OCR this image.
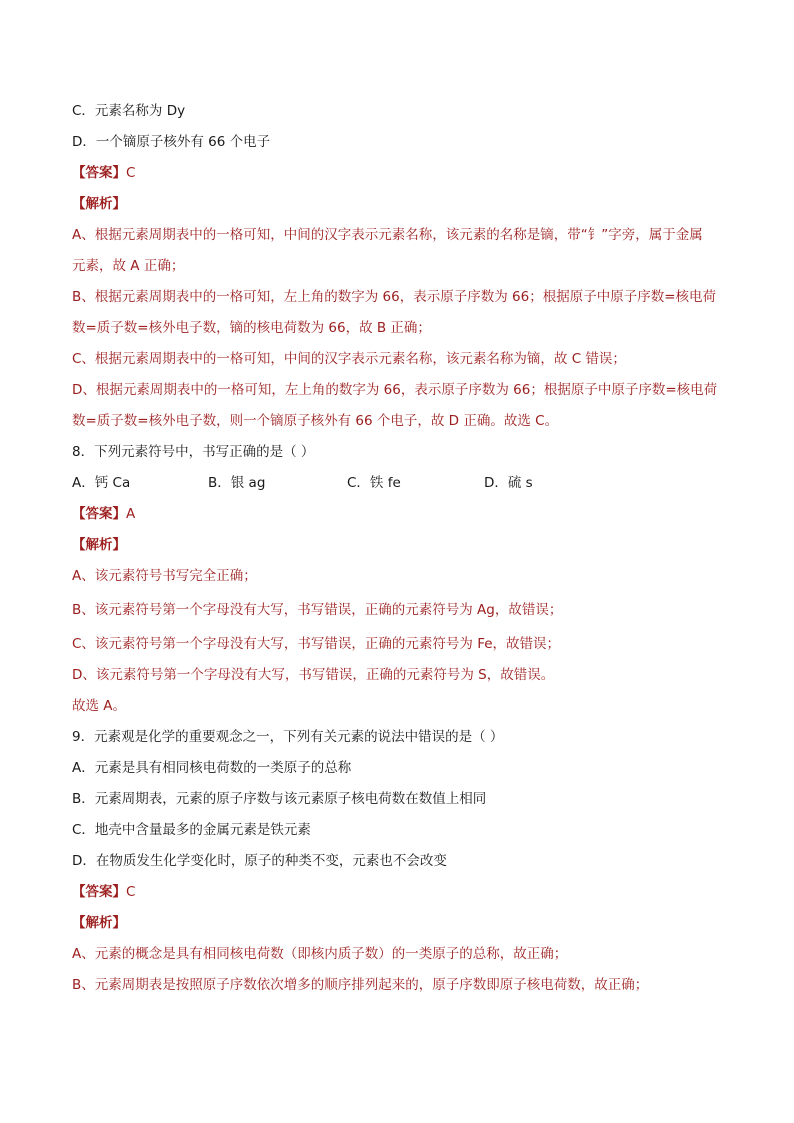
C．元素名称为 Dy
D．一个镝原子核外有 66 个电子
【答案】C
【解析】
A、根据元素周期表中的一格可知，中间的汉字表示元素名称，该元素的名称是镝，带“钅”字旁，属于金属
元素，故 A 正确；
B、根据元素周期表中的一格可知，左上角的数字为 66，表示原子序数为 66；根据原子中原子序数=核电荷
数=质子数=核外电子数，镝的核电荷数为 66，故 B 正确；
C、根据元素周期表中的一格可知，中间的汉字表示元素名称，该元素名称为镝，故 C 错误；
D、根据元素周期表中的一格可知，左上角的数字为 66，表示原子序数为 66；根据原子中原子序数=核电荷
数=质子数=核外电子数，则一个镝原子核外有 66 个电子，故 D 正确。故选 C。
8．下列元素符号中，书写正确的是（ ）
A．钙 Ca	B．银 ag	C．铁 fe	D．硫 s
【答案】A
【解析】
A、该元素符号书写完全正确；
B、该元素符号第一个字母没有大写，书写错误，正确的元素符号为 Ag，故错误；
C、该元素符号第一个字母没有大写，书写错误，正确的元素符号为 Fe，故错误；
D、该元素符号第一个字母没有大写，书写错误，正确的元素符号为 S，故错误。
故选 A。
9．元素观是化学的重要观念之一，下列有关元素的说法中错误的是（ ）
A．元素是具有相同核电荷数的一类原子的总称
B．元素周期表，元素的原子序数与该元素原子核电荷数在数值上相同
C．地壳中含量最多的金属元素是铁元素
D．在物质发生化学变化时，原子的种类不变，元素也不会改变
【答案】C
【解析】
A、元素的概念是具有相同核电荷数（即核内质子数）的一类原子的总称，故正确；
B、元素周期表是按照原子序数依次增多的顺序排列起来的，原子序数即原子核电荷数，故正确；
